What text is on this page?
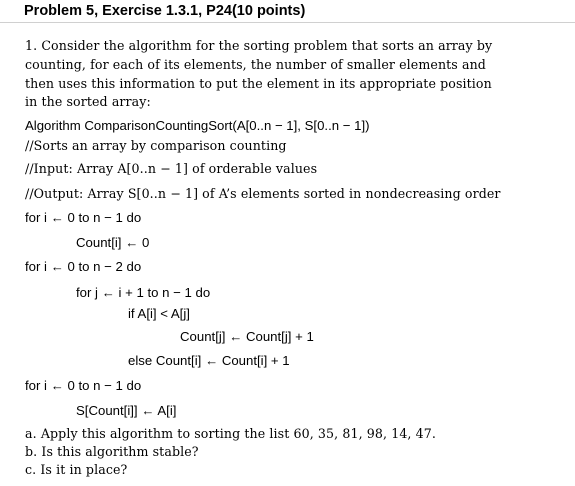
Problem 5, Exercise 1.3.1, P24(10 points)
1. Consider the algorithm for the sorting problem that sorts an array by
counting, for each of its elements, the number of smaller elements and
then uses this information to put the element in its appropriate position
in the sorted array:
Algorithm ComparisonCountingSort(A[0..n − 1], S[0..n − 1])
//Sorts an array by comparison counting
//Input: Array A[0..n − 1] of orderable values
//Output: Array S[0..n − 1] of A’s elements sorted in nondecreasing order
for i ← 0 to n − 1 do
Count[i] ← 0
for i ← 0 to n − 2 do
for j ← i + 1 to n − 1 do
if A[i] < A[j]
Count[j] ← Count[j] + 1
else Count[i] ← Count[i] + 1
for i ← 0 to n − 1 do
S[Count[i]] ← A[i]
a. Apply this algorithm to sorting the list 60, 35, 81, 98, 14, 47.
b. Is this algorithm stable?
c. Is it in place?
